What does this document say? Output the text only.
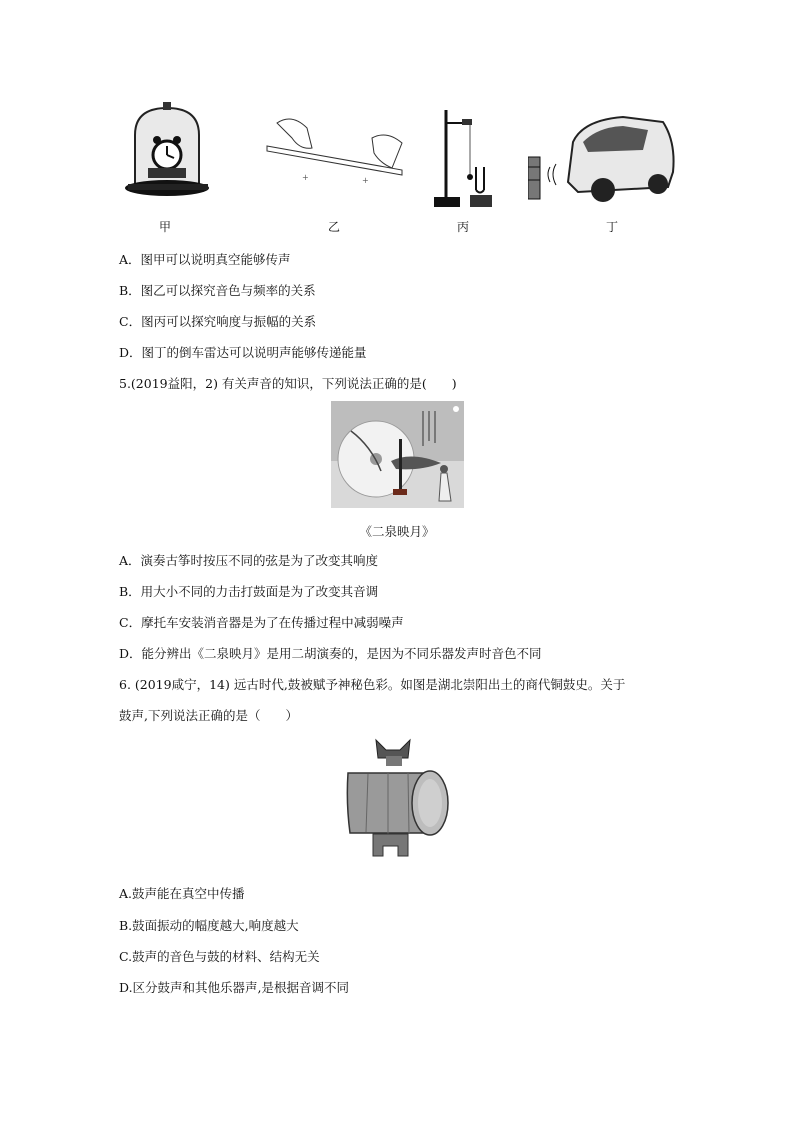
+
+
甲	乙	丙	丁
A．图甲可以说明真空能够传声
B．图乙可以探究音色与频率的关系
C．图丙可以探究响度与振幅的关系
D．图丁的倒车雷达可以说明声能够传递能量
5.(2019益阳，2) 有关声音的知识，下列说法正确的是(　　)
《二泉映月》
A．演奏古筝时按压不同的弦是为了改变其响度
B．用大小不同的力击打鼓面是为了改变其音调
C．摩托车安装消音器是为了在传播过程中减弱噪声
D．能分辨出《二泉映月》是用二胡演奏的，是因为不同乐器发声时音色不同
6. (2019咸宁，14) 远古时代,鼓被赋予神秘色彩。如图是湖北崇阳出土的商代铜鼓史。关于
鼓声,下列说法正确的是（　　）
A.鼓声能在真空中传播
B.鼓面振动的幅度越大,响度越大
C.鼓声的音色与鼓的材料、结构无关
D.区分鼓声和其他乐器声,是根据音调不同
